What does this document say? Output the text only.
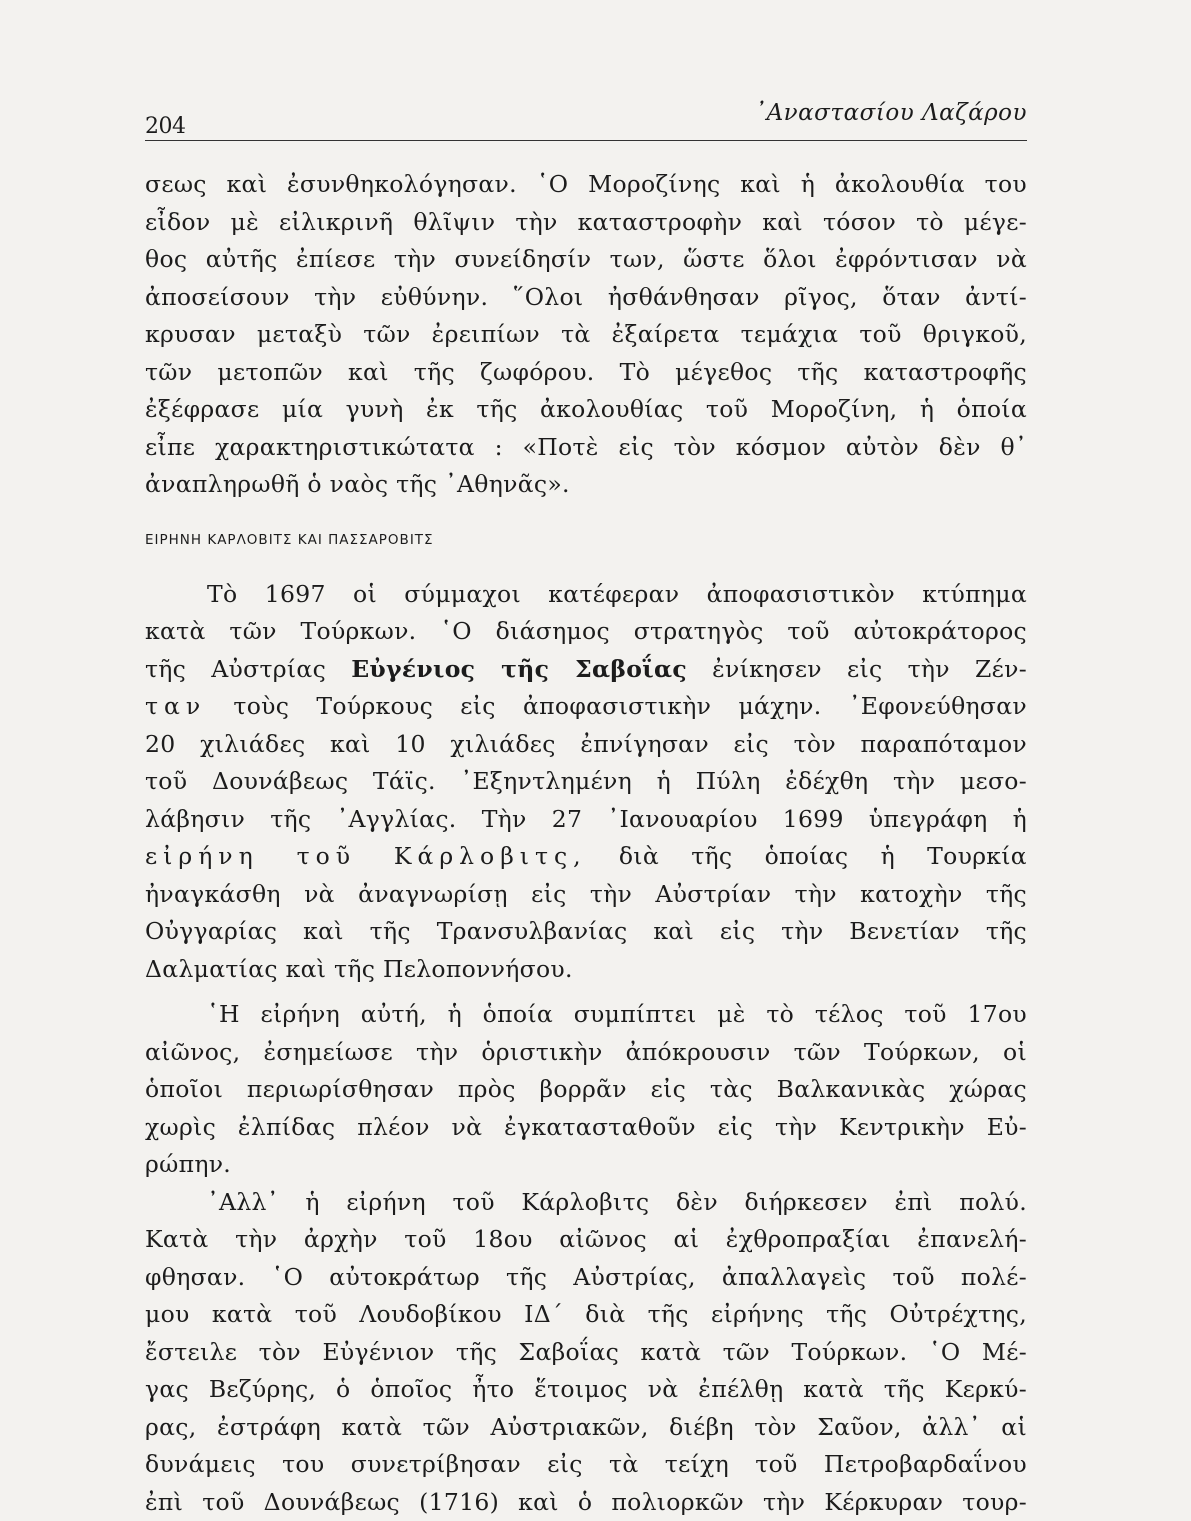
204
᾿Αναστασίου Λαζάρου
σεως καὶ ἐσυνθηκολόγησαν. ῾Ο Μοροζίνης καὶ ἡ ἀκολουθία του
εἶδον μὲ εἰλικρινῆ θλῖψιν τὴν καταστροφὴν καὶ τόσον τὸ μέγε-
θος αὐτῆς ἐπίεσε τὴν συνείδησίν των, ὥστε ὅλοι ἐφρόντισαν νὰ
ἀποσείσουν τὴν εὐθύνην. ῞Ολοι ἠσθάνθησαν ρῖγος, ὅταν ἀντί-
κρυσαν μεταξὺ τῶν ἐρειπίων τὰ ἐξαίρετα τεμάχια τοῦ θριγκοῦ,
τῶν μετοπῶν καὶ τῆς ζωφόρου. Τὸ μέγεθος τῆς καταστροφῆς
ἐξέφρασε μία γυνὴ ἐκ τῆς ἀκολουθίας τοῦ Μοροζίνη, ἡ ὁποία
εἶπε χαρακτηριστικώτατα : «Ποτὲ εἰς τὸν κόσμον αὐτὸν δὲν θ᾿
ἀναπληρωθῆ ὁ ναὸς τῆς ᾿Αθηνᾶς».
ΕΙΡΗΝΗ ΚΑΡΛΟΒΙΤΣ ΚΑΙ ΠΑΣΣΑΡΟΒΙΤΣ
Τὸ 1697 οἱ σύμμαχοι κατέφεραν ἀποφασιστικὸν κτύπημα
κατὰ τῶν Τούρκων. ῾Ο διάσημος στρατηγὸς τοῦ αὐτοκράτορος
τῆς Αὐστρίας Εὐγένιος τῆς Σαβοΐας ἐνίκησεν εἰς τὴν Ζέν-
ταν τοὺς Τούρκους εἰς ἀποφασιστικὴν μάχην. ᾿Εφονεύθησαν
20 χιλιάδες καὶ 10 χιλιάδες ἐπνίγησαν εἰς τὸν παραπόταμον
τοῦ Δουνάβεως Τάϊς. ᾿Εξηντλημένη ἡ Πύλη ἐδέχθη τὴν μεσο-
λάβησιν τῆς ᾿Αγγλίας. Τὴν 27 ᾿Ιανουαρίου 1699 ὑπεγράφη ἡ
εἰρήνη τοῦ Κάρλοβιτς, διὰ τῆς ὁποίας ἡ Τουρκία
ἠναγκάσθη νὰ ἀναγνωρίσῃ εἰς τὴν Αὐστρίαν τὴν κατοχὴν τῆς
Οὐγγαρίας καὶ τῆς Τρανσυλβανίας καὶ εἰς τὴν Βενετίαν τῆς
Δαλματίας καὶ τῆς Πελοποννήσου.
῾Η εἰρήνη αὐτή, ἡ ὁποία συμπίπτει μὲ τὸ τέλος τοῦ 17ου
αἰῶνος, ἐσημείωσε τὴν ὁριστικὴν ἀπόκρουσιν τῶν Τούρκων, οἱ
ὁποῖοι περιωρίσθησαν πρὸς βορρᾶν εἰς τὰς Βαλκανικὰς χώρας
χωρὶς ἐλπίδας πλέον νὰ ἐγκατασταθοῦν εἰς τὴν Κεντρικὴν Εὐ-
ρώπην.
᾿Αλλ᾿ ἡ εἰρήνη τοῦ Κάρλοβιτς δὲν διήρκεσεν ἐπὶ πολύ.
Κατὰ τὴν ἀρχὴν τοῦ 18ου αἰῶνος αἱ ἐχθροπραξίαι ἐπανελή-
φθησαν. ῾Ο αὐτοκράτωρ τῆς Αὐστρίας, ἀπαλλαγεὶς τοῦ πολέ-
μου κατὰ τοῦ Λουδοβίκου ΙΔ΄ διὰ τῆς εἰρήνης τῆς Οὐτρέχτης,
ἔστειλε τὸν Εὐγένιον τῆς Σαβοΐας κατὰ τῶν Τούρκων. ῾Ο Μέ-
γας Βεζύρης, ὁ ὁποῖος ἦτο ἕτοιμος νὰ ἐπέλθῃ κατὰ τῆς Κερκύ-
ρας, ἐστράφη κατὰ τῶν Αὐστριακῶν, διέβη τὸν Σαῦον, ἀλλ᾿ αἱ
δυνάμεις του συνετρίβησαν εἰς τὰ τείχη τοῦ Πετροβαρδαΐνου
ἐπὶ τοῦ Δουνάβεως (1716) καὶ ὁ πολιορκῶν τὴν Κέρκυραν τουρ-
